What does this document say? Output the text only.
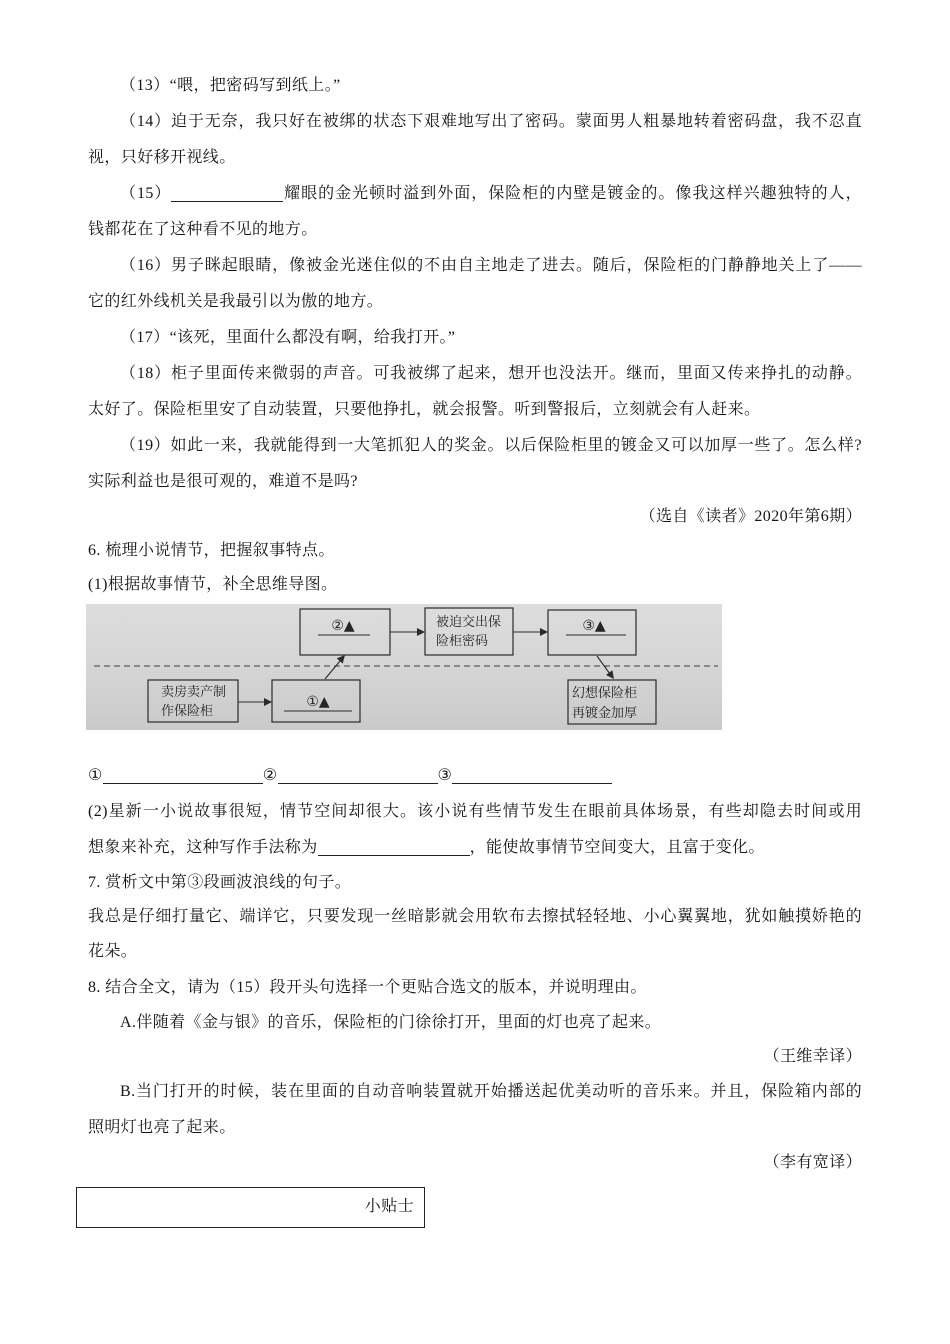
（13）“喂，把密码写到纸上。”
（14）迫于无奈，我只好在被绑的状态下艰难地写出了密码。蒙面男人粗暴地转着密码盘，我不忍直
视，只好移开视线。
（15）	耀眼的金光顿时溢到外面，保险柜的内壁是镀金的。像我这样兴趣独特的人，
钱都花在了这种看不见的地方。
（16）男子眯起眼睛，像被金光迷住似的不由自主地走了进去。随后，保险柜的门静静地关上了——
它的红外线机关是我最引以为傲的地方。
（17）“该死，里面什么都没有啊，给我打开。”
（18）柜子里面传来微弱的声音。可我被绑了起来，想开也没法开。继而，里面又传来挣扎的动静。
太好了。保险柜里安了自动装置，只要他挣扎，就会报警。听到警报后，立刻就会有人赶来。
（19）如此一来，我就能得到一大笔抓犯人的奖金。以后保险柜里的镀金又可以加厚一些了。怎么样?
实际利益也是很可观的，难道不是吗?
（选自《读者》2020年第6期）
6. 梳理小说情节，把握叙事特点。
(1)根据故事情节，补全思维导图。
②▲	被迫交出保
险柜密码
③▲
卖房卖产制
作保险柜
①▲
幻想保险柜
再镀金加厚
①	②	③
(2)星新一小说故事很短，情节空间却很大。该小说有些情节发生在眼前具体场景，有些却隐去时间或用
想象来补充，这种写作手法称为	，能使故事情节空间变大，且富于变化。
7. 赏析文中第③段画波浪线的句子。
我总是仔细打量它、端详它，只要发现一丝暗影就会用软布去擦拭轻轻地、小心翼翼地，犹如触摸娇艳的
花朵。
8. 结合全文，请为（15）段开头句选择一个更贴合选文的版本，并说明理由。
A.伴随着《金与银》的音乐，保险柜的门徐徐打开，里面的灯也亮了起来。
（王维幸译）
B.当门打开的时候，装在里面的自动音响装置就开始播送起优美动听的音乐来。并且，保险箱内部的
照明灯也亮了起来。
（李有宽译）
小贴士
